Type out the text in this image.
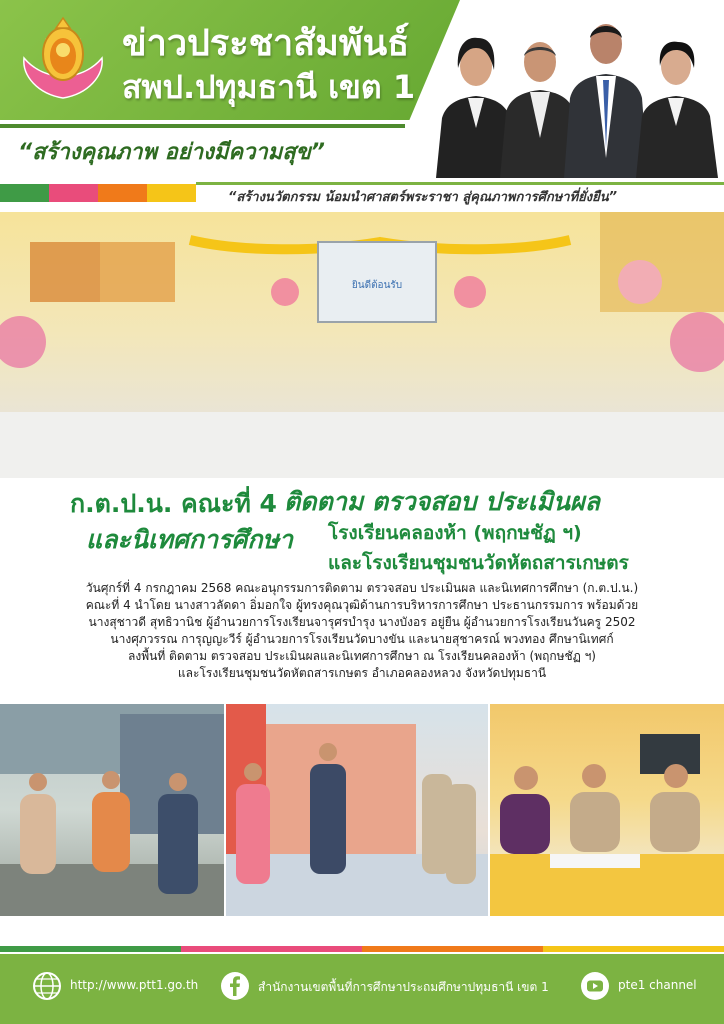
ข่าวประชาสัมพันธ์
สพป.ปทุมธานี เขต 1
“สร้างคุณภาพ อย่างมีความสุข”
“สร้างนวัตกรรม น้อมนำศาสตร์พระราชา สู่คุณภาพการศึกษาที่ยั่งยืน”
ยินดีต้อนรับ
ก.ต.ป.น. คณะที่ 4 ติดตาม ตรวจสอบ ประเมินผล
และนิเทศการศึกษา โรงเรียนคลองห้า (พฤกษชัฏ ฯ)
และโรงเรียนชุมชนวัดหัตถสารเกษตร
วันศุกร์ที่ 4 กรกฎาคม 2568 คณะอนุกรรมการติดตาม ตรวจสอบ ประเมินผล และนิเทศการศึกษา (ก.ต.ป.น.)
คณะที่ 4 นำโดย นางสาวลัดดา อิ่มอกใจ ผู้ทรงคุณวุฒิด้านการบริหารการศึกษา ประธานกรรมการ พร้อมด้วย
นางสุชาวดี สุทธิวานิช ผู้อำนวยการโรงเรียนจารุศรบำรุง นางบังอร อยู่ยืน ผู้อำนวยการโรงเรียนวันครู 2502
นางศุภวรรณ การุญญะวีร์ ผู้อำนวยการโรงเรียนวัดบางขัน และนายสุชาครณ์ พวงทอง ศึกษานิเทศก์
ลงพื้นที่ ติดตาม ตรวจสอบ ประเมินผลและนิเทศการศึกษา ณ โรงเรียนคลองห้า (พฤกษชัฏ ฯ)
และโรงเรียนชุมชนวัดหัตถสารเกษตร อำเภอคลองหลวง จังหวัดปทุมธานี
http://www.ptt1.go.th	สำนักงานเขตพื้นที่การศึกษาประถมศึกษาปทุมธานี เขต 1	pte1 channel
